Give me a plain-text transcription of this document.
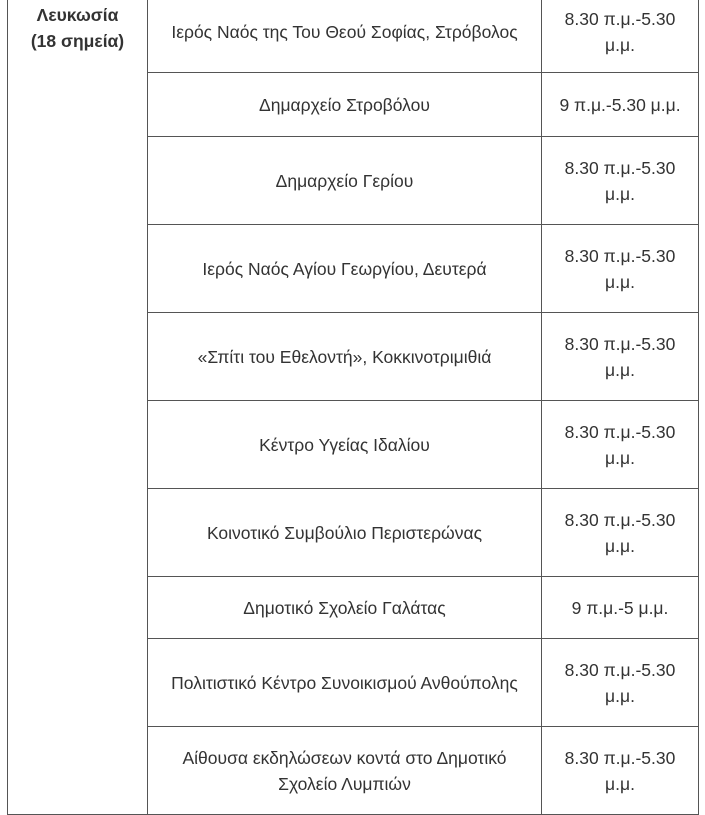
Λευκωσία
(18 σημεία)	Ιερός Ναός της Του Θεού Σοφίας, Στρόβολος	8.30 π.μ.-5.30 μ.μ.
	Δημαρχείο Στροβόλου	9 π.μ.-5.30 μ.μ.
	Δημαρχείο Γερίου	8.30 π.μ.-5.30 μ.μ.
	Ιερός Ναός Αγίου Γεωργίου, Δευτερά	8.30 π.μ.-5.30 μ.μ.
	«Σπίτι του Εθελοντή», Κοκκινοτριμιθιά	8.30 π.μ.-5.30 μ.μ.
	Κέντρο Υγείας Ιδαλίου	8.30 π.μ.-5.30 μ.μ.
	Κοινοτικό Συμβούλιο Περιστερώνας	8.30 π.μ.-5.30 μ.μ.
	Δημοτικό Σχολείο Γαλάτας	9 π.μ.-5 μ.μ.
	Πολιτιστικό Κέντρο Συνοικισμού Ανθούπολης	8.30 π.μ.-5.30 μ.μ.
	Αίθουσα εκδηλώσεων κοντά στο Δημοτικό Σχολείο Λυμπιών	8.30 π.μ.-5.30 μ.μ.
